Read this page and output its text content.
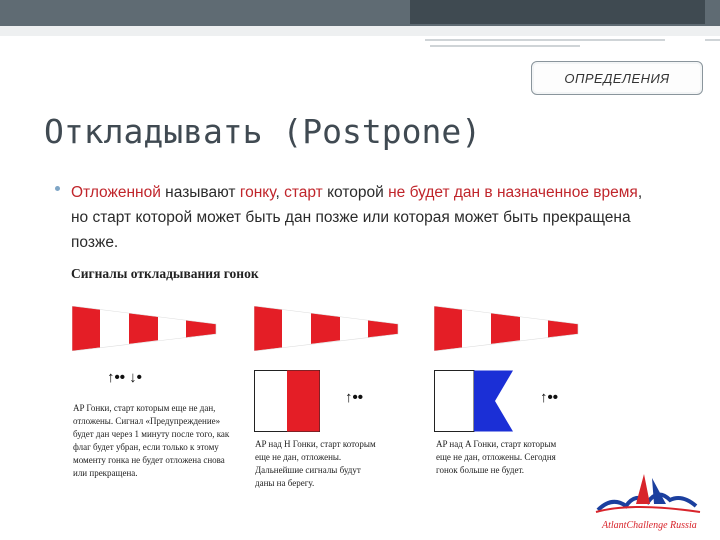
ОПРЕДЕЛЕНИЯ
Откладывать (Postpone)
Отложенной называют гонку, старт которой не будет дан в назначенное время, но старт которой может быть дан позже или которая может быть прекращена позже.
Сигналы откладывания гонок
↑•• ↓•
↑••	↑••
AP Гонки, старт которым еще не дан, отложены. Сигнал «Предупреждение» будет дан через 1 минуту после того, как флаг будет убран, если только к этому моменту гонка не будет отложена снова или прекращена.
AP над H Гонки, старт которым еще не дан, отложены. Дальнейшие сигналы будут даны на берегу.
AP над A Гонки, старт которым еще не дан, отложены. Сегодня гонок больше не будет.
AtlantChallenge Russia
